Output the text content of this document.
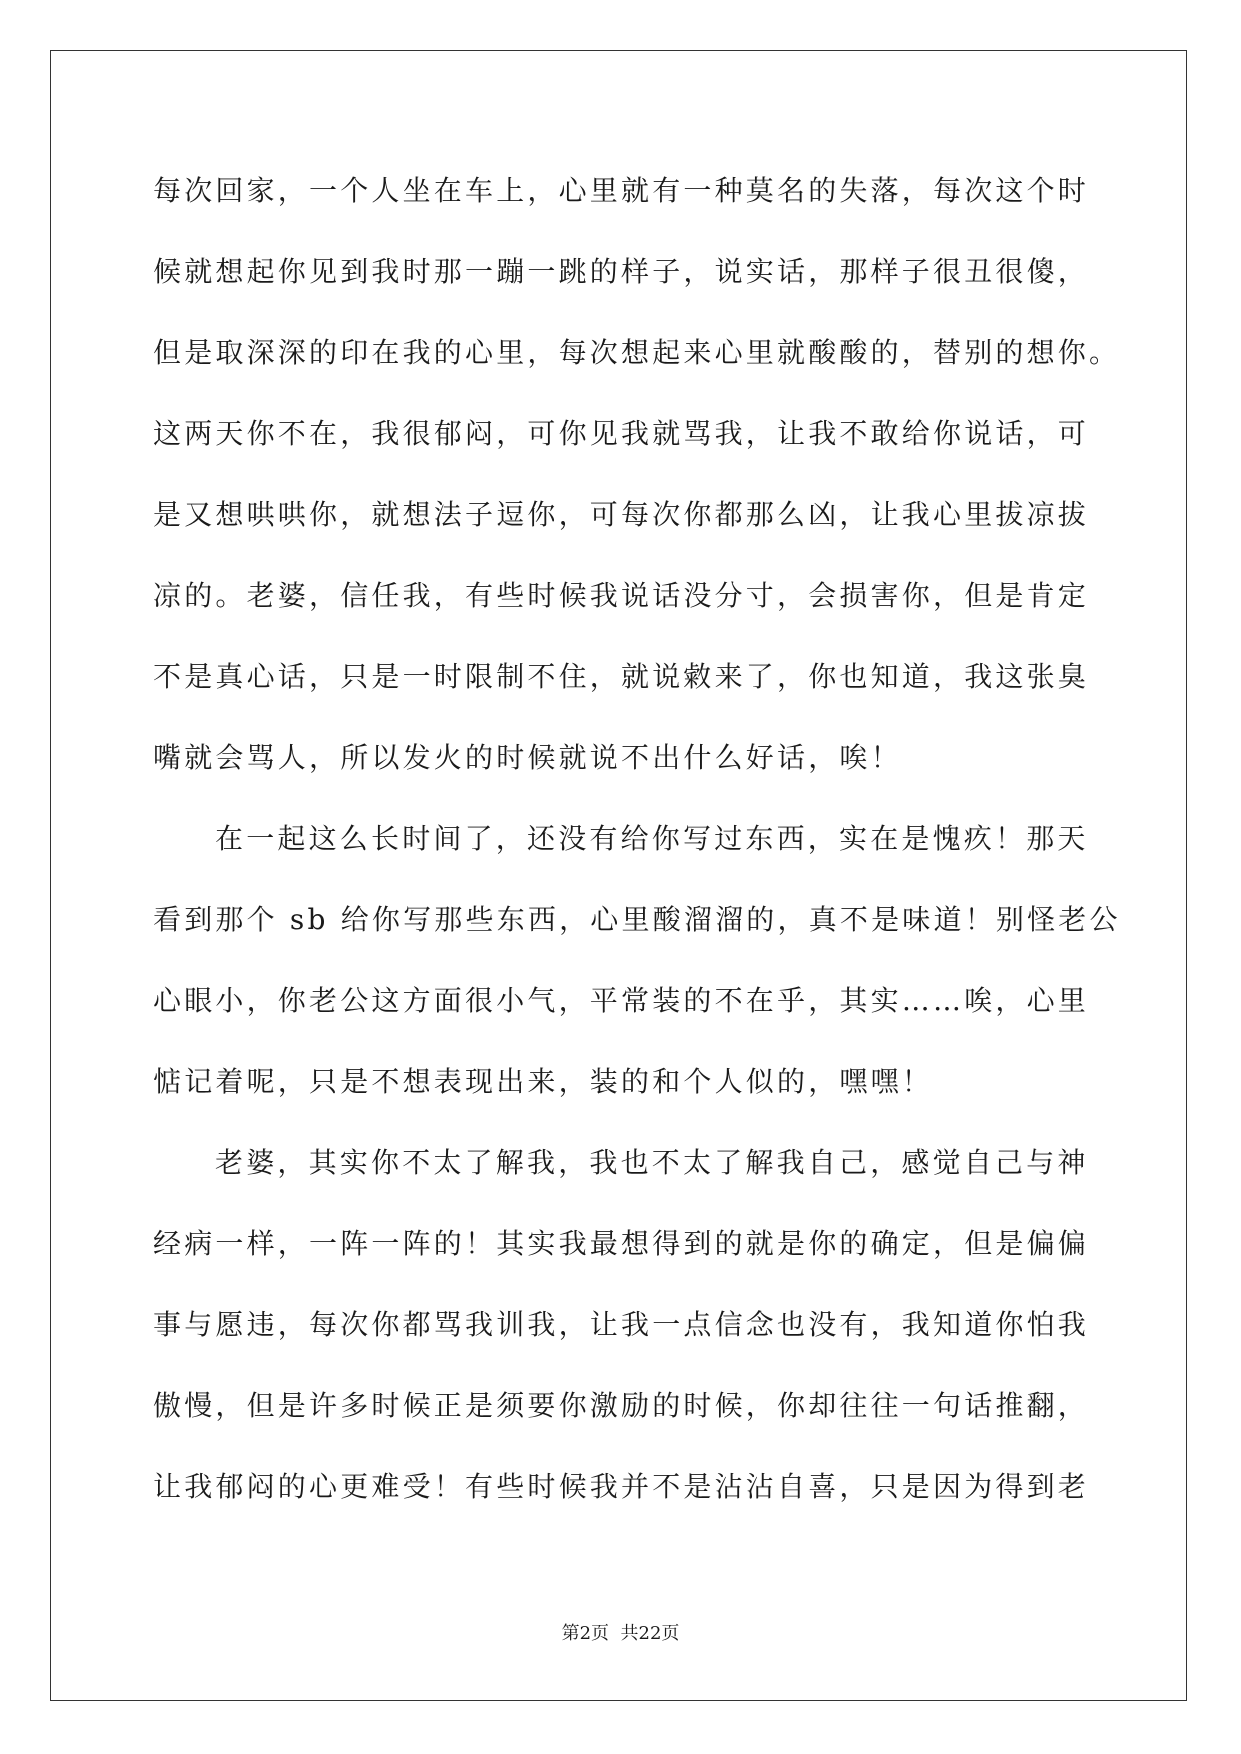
每次回家，一个人坐在车上，心里就有一种莫名的失落，每次这个时
候就想起你见到我时那一蹦一跳的样子，说实话，那样子很丑很傻，
但是取深深的印在我的心里，每次想起来心里就酸酸的，替别的想你。
这两天你不在，我很郁闷，可你见我就骂我，让我不敢给你说话，可
是又想哄哄你，就想法子逗你，可每次你都那么凶，让我心里拔凉拔
凉的。老婆，信任我，有些时候我说话没分寸，会损害你，但是肯定
不是真心话，只是一时限制不住，就说敹来了，你也知道，我这张臭
嘴就会骂人，所以发火的时候就说不出什么好话，唉！
在一起这么长时间了，还没有给你写过东西，实在是愧疚！那天
看到那个 sb 给你写那些东西，心里酸溜溜的，真不是味道！别怪老公
心眼小，你老公这方面很小气，平常装的不在乎，其实……唉，心里
惦记着呢，只是不想表现出来，装的和个人似的，嘿嘿！
老婆，其实你不太了解我，我也不太了解我自己，感觉自己与神
经病一样，一阵一阵的！其实我最想得到的就是你的确定，但是偏偏
事与愿违，每次你都骂我训我，让我一点信念也没有，我知道你怕我
傲慢，但是许多时候正是须要你激励的时候，你却往往一句话推翻，
让我郁闷的心更难受！有些时候我并不是沾沾自喜，只是因为得到老
第2页  共22页
